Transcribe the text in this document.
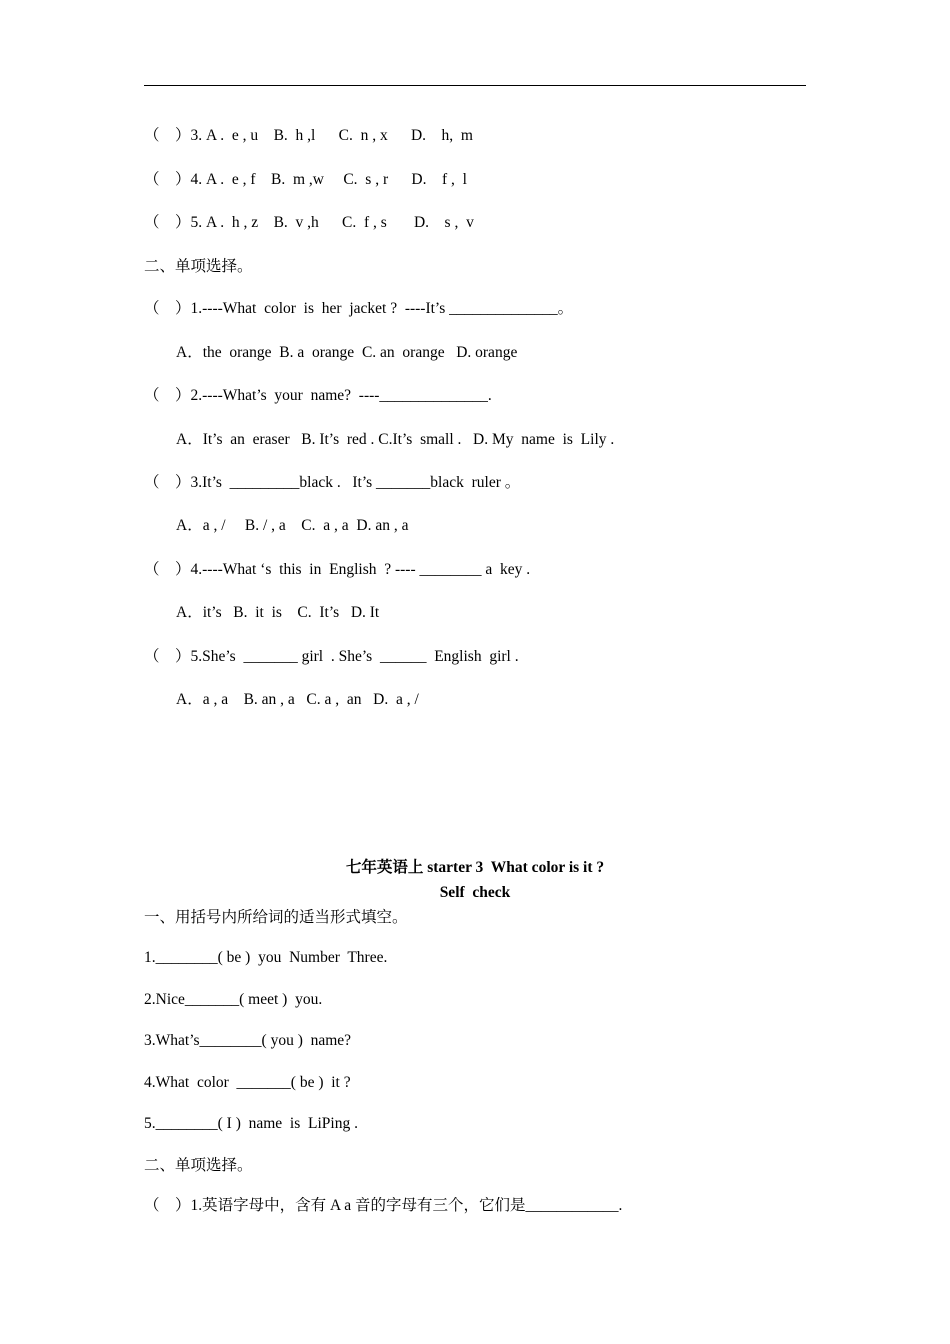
（　）3. A .  e , u    B.  h ,l      C.  n , x      D.    h,  m
（　）4. A .  e , f    B.  m ,w     C.  s , r      D.    f ,  l
（　）5. A .  h , z    B.  v ,h      C.  f , s       D.    s ,  v
二、单项选择。
（　）1.----What  color  is  her  jacket ?  ----It’s ______________。
A．the  orange  B. a  orange  C. an  orange   D. orange
（　）2.----What’s  your  name?  ----______________.
A．It’s  an  eraser   B. It’s  red . C.It’s  small .   D. My  name  is  Lily .
（　）3.It’s  _________black .   It’s _______black  ruler 。
A．a , /     B. / , a    C.  a , a  D. an , a
（　）4.----What ‘s  this  in  English  ? ---- ________ a  key .
A．it’s   B.  it  is    C.  It’s   D. It
（　）5.She’s  _______ girl  . She’s  ______  English  girl .
A．a , a    B. an , a   C. a ,  an   D.  a , /
七年英语上 starter 3  What color is it ?
Self  check
一、用括号内所给词的适当形式填空。
1.________( be )  you  Number  Three.
2.Nice_______( meet )  you.
3.What’s________( you )  name?
4.What  color  _______( be )  it ?
5.________( I )  name  is  LiPing .
二、单项选择。
（　）1.英语字母中，含有 A a 音的字母有三个，它们是____________.
